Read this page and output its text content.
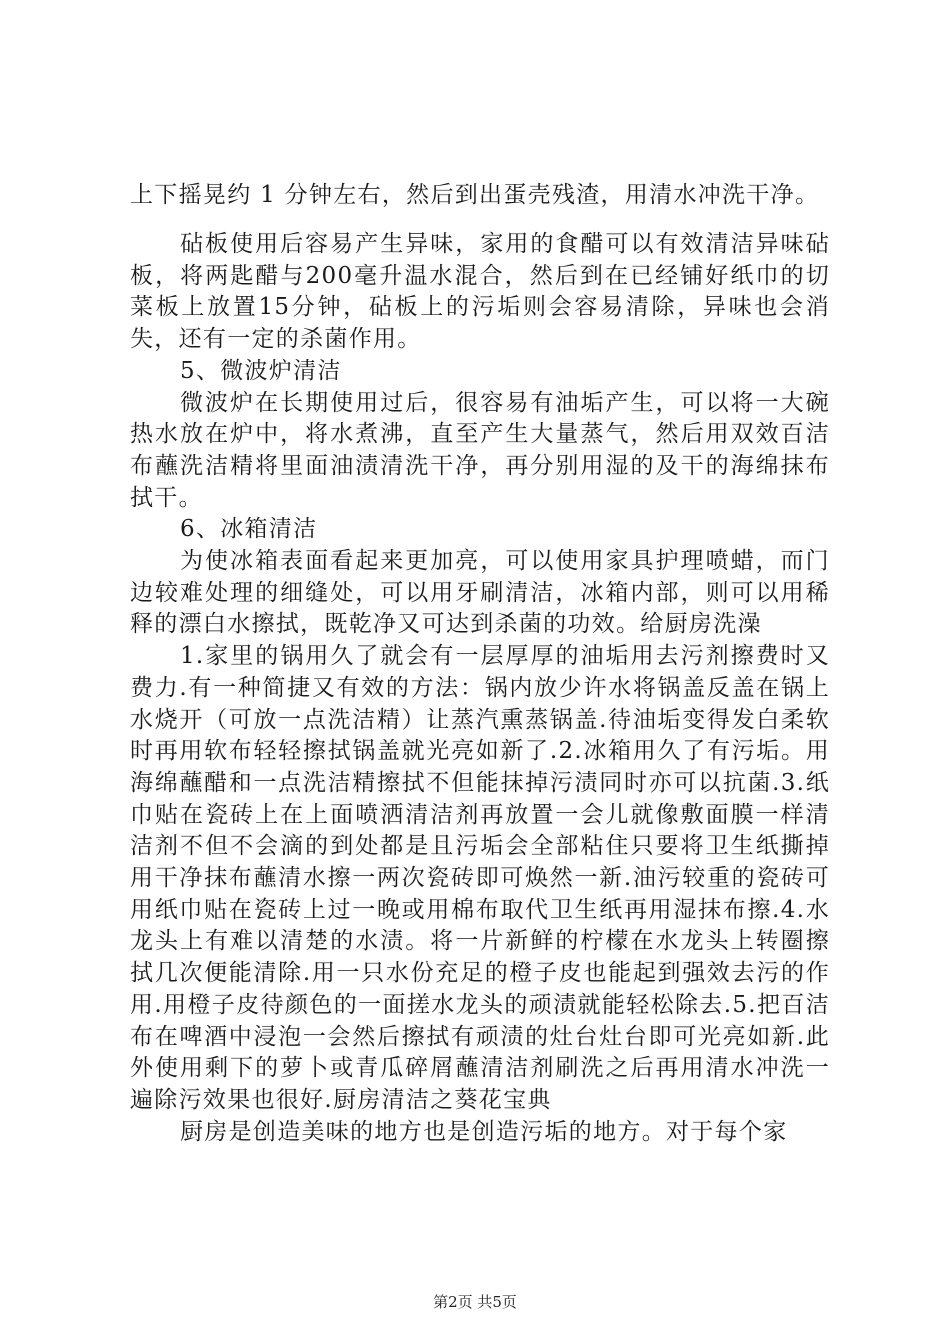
上下摇晃约 1 分钟左右，然后到出蛋壳残渣，用清水冲洗干净。

砧板使用后容易产生异味，家用的食醋可以有效清洁异味砧板，将两匙醋与200毫升温水混合，然后到在已经铺好纸巾的切菜板上放置15分钟，砧板上的污垢则会容易清除，异味也会消失，还有一定的杀菌作用。

5、微波炉清洁

微波炉在长期使用过后，很容易有油垢产生，可以将一大碗热水放在炉中，将水煮沸，直至产生大量蒸气，然后用双效百洁布蘸洗洁精将里面油渍清洗干净，再分别用湿的及干的海绵抹布拭干。

6、冰箱清洁

为使冰箱表面看起来更加亮，可以使用家具护理喷蜡，而门边较难处理的细缝处，可以用牙刷清洁，冰箱内部，则可以用稀释的漂白水擦拭，既乾净又可达到杀菌的功效。给厨房洗澡

1.家里的锅用久了就会有一层厚厚的油垢用去污剂擦费时又费力.有一种简捷又有效的方法：锅内放少许水将锅盖反盖在锅上水烧开（可放一点洗洁精）让蒸汽熏蒸锅盖.待油垢变得发白柔软时再用软布轻轻擦拭锅盖就光亮如新了.2.冰箱用久了有污垢。用海绵蘸醋和一点洗洁精擦拭不但能抹掉污渍同时亦可以抗菌.3.纸巾贴在瓷砖上在上面喷洒清洁剂再放置一会儿就像敷面膜一样清洁剂不但不会滴的到处都是且污垢会全部粘住只要将卫生纸撕掉用干净抹布蘸清水擦一两次瓷砖即可焕然一新.油污较重的瓷砖可用纸巾贴在瓷砖上过一晚或用棉布取代卫生纸再用湿抹布擦.4.水龙头上有难以清楚的水渍。将一片新鲜的柠檬在水龙头上转圈擦拭几次便能清除.用一只水份充足的橙子皮也能起到强效去污的作用.用橙子皮待颜色的一面搓水龙头的顽渍就能轻松除去.5.把百洁布在啤酒中浸泡一会然后擦拭有顽渍的灶台灶台即可光亮如新.此外使用剩下的萝卜或青瓜碎屑蘸清洁剂刷洗之后再用清水冲洗一遍除污效果也很好.厨房清洁之葵花宝典

厨房是创造美味的地方也是创造污垢的地方。对于每个家

第2页 共5页
